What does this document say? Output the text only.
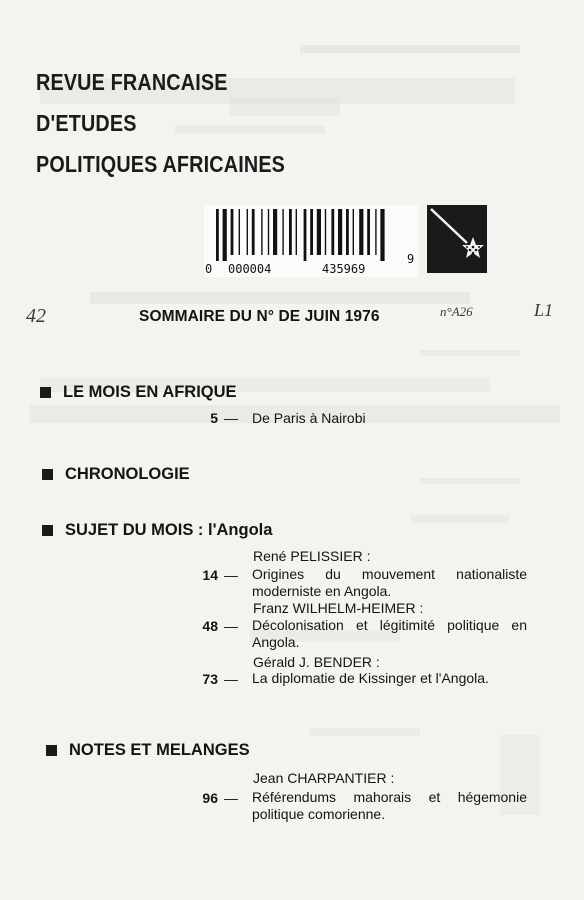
REVUE FRANCAISE
D'ETUDES
POLITIQUES AFRICAINES
0 000004	435969
9
42	n°A26	L1
SOMMAIRE DU N° DE JUIN 1976
LE MOIS EN AFRIQUE
5 — De Paris à Nairobi
CHRONOLOGIE
SUJET DU MOIS : l'Angola
René PELISSIER :
14 — Origines du mouvement nationaliste moderniste en Angola.
Franz WILHELM-HEIMER :
48 — Décolonisation et légitimité politique en Angola.
Gérald J. BENDER :
73 — La diplomatie de Kissinger et l'Angola.
NOTES ET MELANGES
Jean CHARPANTIER :
96 — Référendums mahorais et hégemonie politique comorienne.
